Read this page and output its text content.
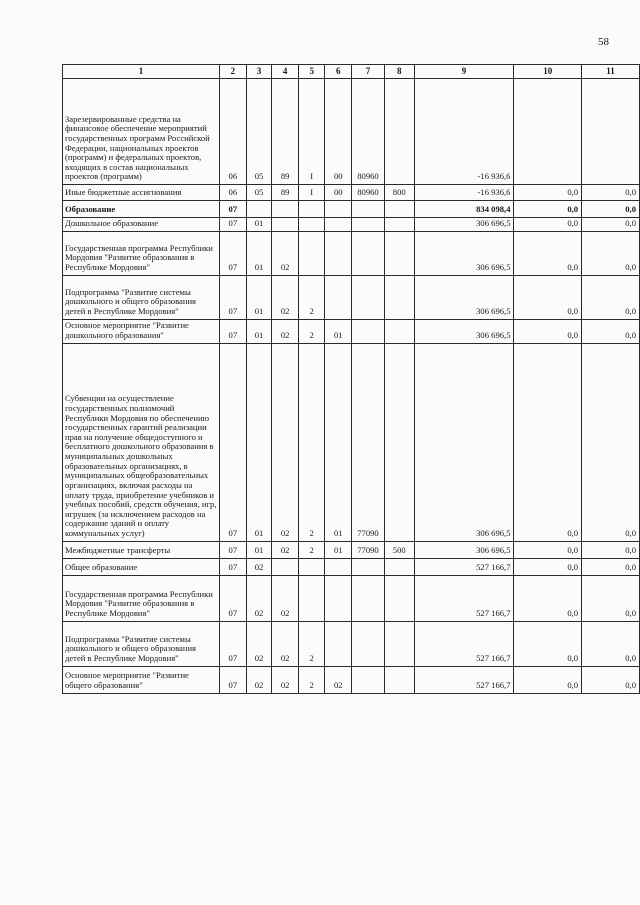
58
1	2	3	4	5	6	7	8	9	10	11
Зарезервированные средства на финансовое обеспечение мероприятий государственных программ Российской Федерации, национальных проектов (программ) и федеральных проектов, входящих в состав национальных проектов (программ)	06	05	89	I	00	80960		-16 936,6		
Иные бюджетные ассигнования	06	05	89	I	00	80960	800	-16 936,6	0,0	0,0
Образование	07							834 098,4	0,0	0,0
Дошкольное образование	07	01						306 696,5	0,0	0,0
Государственная программа Республики Мордовия "Развитие образования в Республике Мордовия"	07	01	02					306 696,5	0,0	0,0
Подпрограмма "Развитие системы дошкольного и общего образования детей в Республике Мордовия"	07	01	02	2				306 696,5	0,0	0,0
Основное мероприятие "Развитие дошкольного образования"	07	01	02	2	01			306 696,5	0,0	0,0
Субвенции на осуществление государственных полномочий Республики Мордовия по обеспечению государственных гарантий реализации прав на получение общедоступного и бесплатного дошкольного образования в муниципальных дошкольных образовательных организациях, в муниципальных общеобразовательных организациях, включая расходы на оплату труда, приобретение учебников и учебных пособий, средств обучения, игр, игрушек (за исключением расходов на содержание зданий и оплату коммунальных услуг)	07	01	02	2	01	77090		306 696,5	0,0	0,0
Межбюджетные трансферты	07	01	02	2	01	77090	500	306 696,5	0,0	0,0
Общее образование	07	02						527 166,7	0,0	0,0
Государственная программа Республики Мордовия "Развитие образования в Республике Мордовия"	07	02	02					527 166,7	0,0	0,0
Подпрограмма "Развитие системы дошкольного и общего образования детей в Республике Мордовия"	07	02	02	2				527 166,7	0,0	0,0
Основное мероприятие "Развитие общего образования"	07	02	02	2	02			527 166,7	0,0	0,0
